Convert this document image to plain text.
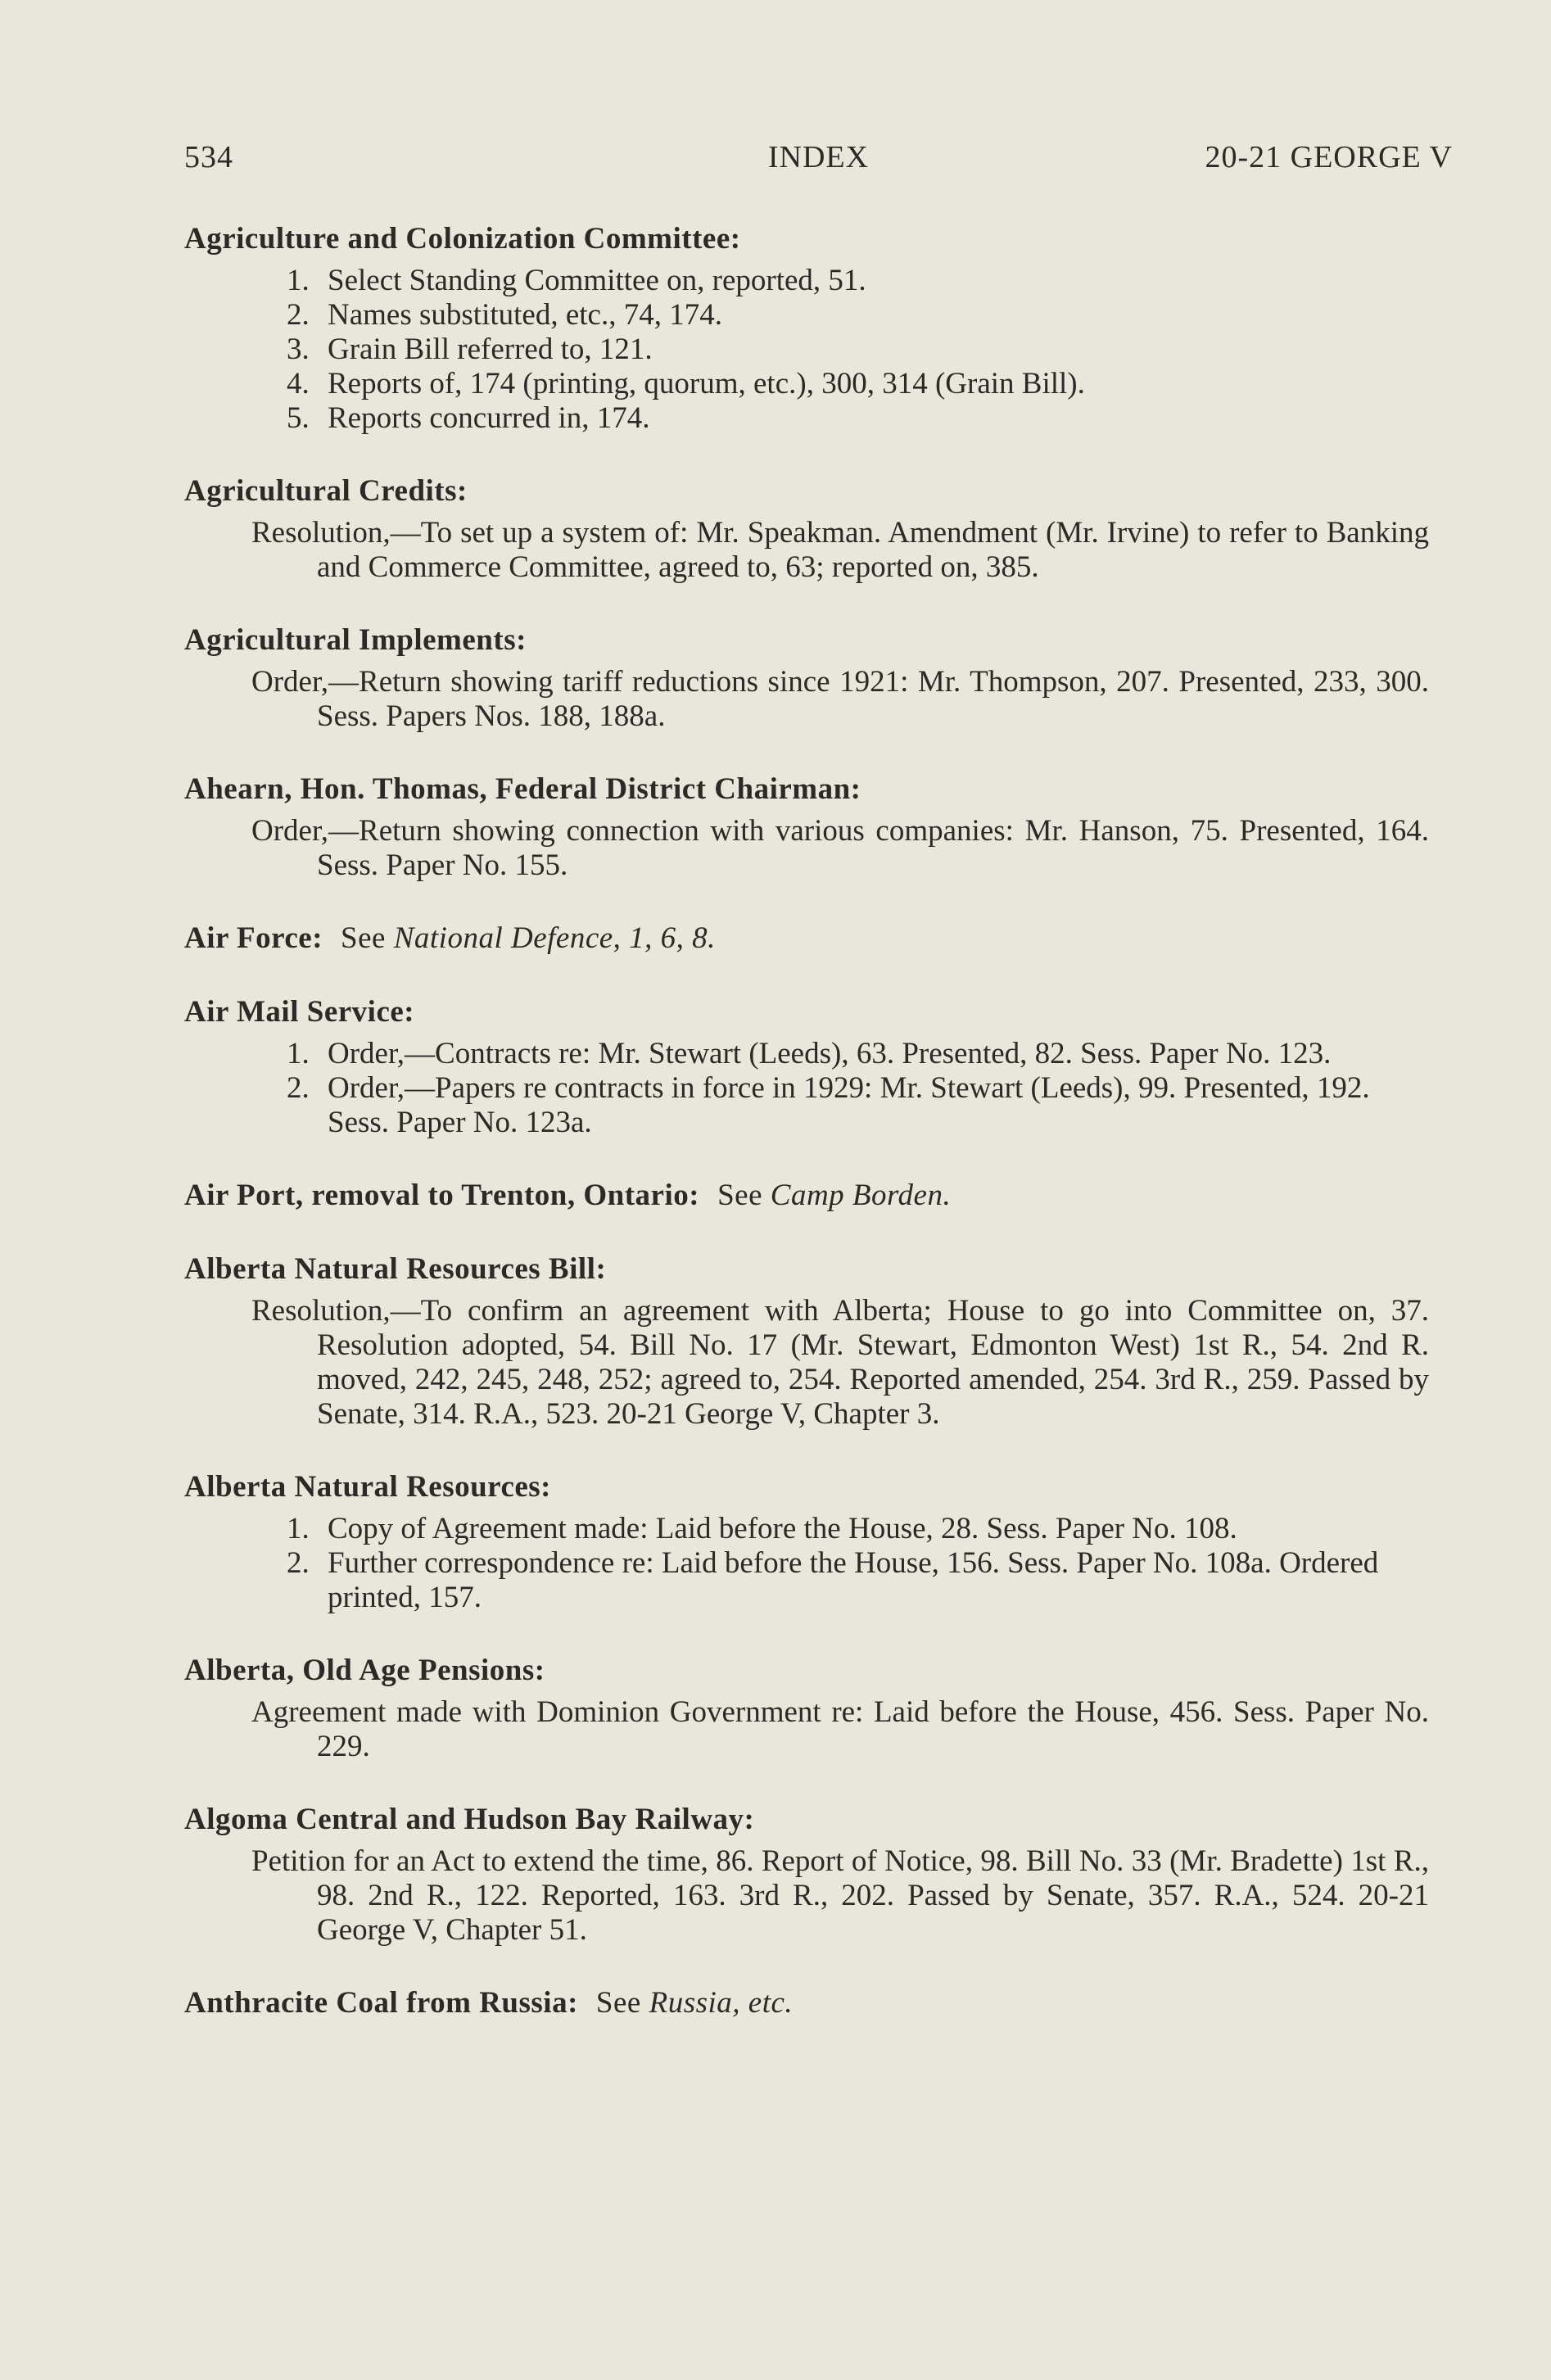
534	INDEX	20-21 GEORGE V
Agriculture and Colonization Committee:
1. Select Standing Committee on, reported, 51.
2. Names substituted, etc., 74, 174.
3. Grain Bill referred to, 121.
4. Reports of, 174 (printing, quorum, etc.), 300, 314 (Grain Bill).
5. Reports concurred in, 174.
Agricultural Credits:
Resolution,—To set up a system of: Mr. Speakman. Amendment (Mr. Irvine) to refer to Banking and Commerce Committee, agreed to, 63; reported on, 385.
Agricultural Implements:
Order,—Return showing tariff reductions since 1921: Mr. Thompson, 207. Presented, 233, 300. Sess. Papers Nos. 188, 188a.
Ahearn, Hon. Thomas, Federal District Chairman:
Order,—Return showing connection with various companies: Mr. Hanson, 75. Presented, 164. Sess. Paper No. 155.
Air Force: See National Defence, 1, 6, 8.
Air Mail Service:
1. Order,—Contracts re: Mr. Stewart (Leeds), 63. Presented, 82. Sess. Paper No. 123.
2. Order,—Papers re contracts in force in 1929: Mr. Stewart (Leeds), 99. Presented, 192. Sess. Paper No. 123a.
Air Port, removal to Trenton, Ontario: See Camp Borden.
Alberta Natural Resources Bill:
Resolution,—To confirm an agreement with Alberta; House to go into Committee on, 37. Resolution adopted, 54. Bill No. 17 (Mr. Stewart, Edmonton West) 1st R., 54. 2nd R. moved, 242, 245, 248, 252; agreed to, 254. Reported amended, 254. 3rd R., 259. Passed by Senate, 314. R.A., 523. 20-21 George V, Chapter 3.
Alberta Natural Resources:
1. Copy of Agreement made: Laid before the House, 28. Sess. Paper No. 108.
2. Further correspondence re: Laid before the House, 156. Sess. Paper No. 108a. Ordered printed, 157.
Alberta, Old Age Pensions:
Agreement made with Dominion Government re: Laid before the House, 456. Sess. Paper No. 229.
Algoma Central and Hudson Bay Railway:
Petition for an Act to extend the time, 86. Report of Notice, 98. Bill No. 33 (Mr. Bradette) 1st R., 98. 2nd R., 122. Reported, 163. 3rd R., 202. Passed by Senate, 357. R.A., 524. 20-21 George V, Chapter 51.
Anthracite Coal from Russia: See Russia, etc.
